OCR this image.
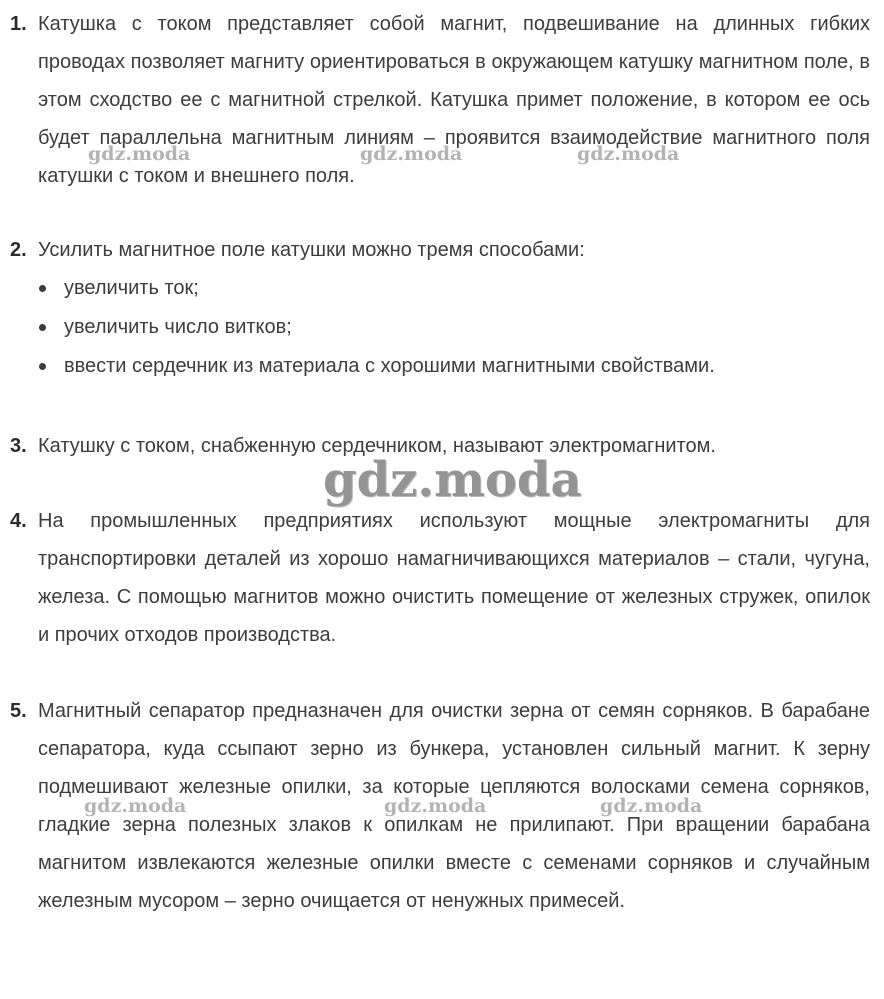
1. Катушка с током представляет собой магнит, подвешивание на длинных гибких проводах позволяет магниту ориентироваться в окружающем катушку магнитном поле, в этом сходство ее с магнитной стрелкой. Катушка примет положение, в котором ее ось будет параллельна магнитным линиям – проявится взаимодействие магнитного поля катушки с током и внешнего поля.
2. Усилить магнитное поле катушки можно тремя способами:
увеличить ток;
увеличить число витков;
ввести сердечник из материала с хорошими магнитными свойствами.
3. Катушку с током, снабженную сердечником, называют электромагнитом.
4. На промышленных предприятиях используют мощные электромагниты для транспортировки деталей из хорошо намагничивающихся материалов – стали, чугуна, железа. С помощью магнитов можно очистить помещение от железных стружек, опилок и прочих отходов производства.
5. Магнитный сепаратор предназначен для очистки зерна от семян сорняков. В барабане сепаратора, куда ссыпают зерно из бункера, установлен сильный магнит. К зерну подмешивают железные опилки, за которые цепляются волосками семена сорняков, гладкие зерна полезных злаков к опилкам не прилипают. При вращении барабана магнитом извлекаются железные опилки вместе с семенами сорняков и случайным железным мусором – зерно очищается от ненужных примесей.
gdz.moda	gdz.moda	gdz.moda
gdz.moda
gdz.moda	gdz.moda	gdz.moda
